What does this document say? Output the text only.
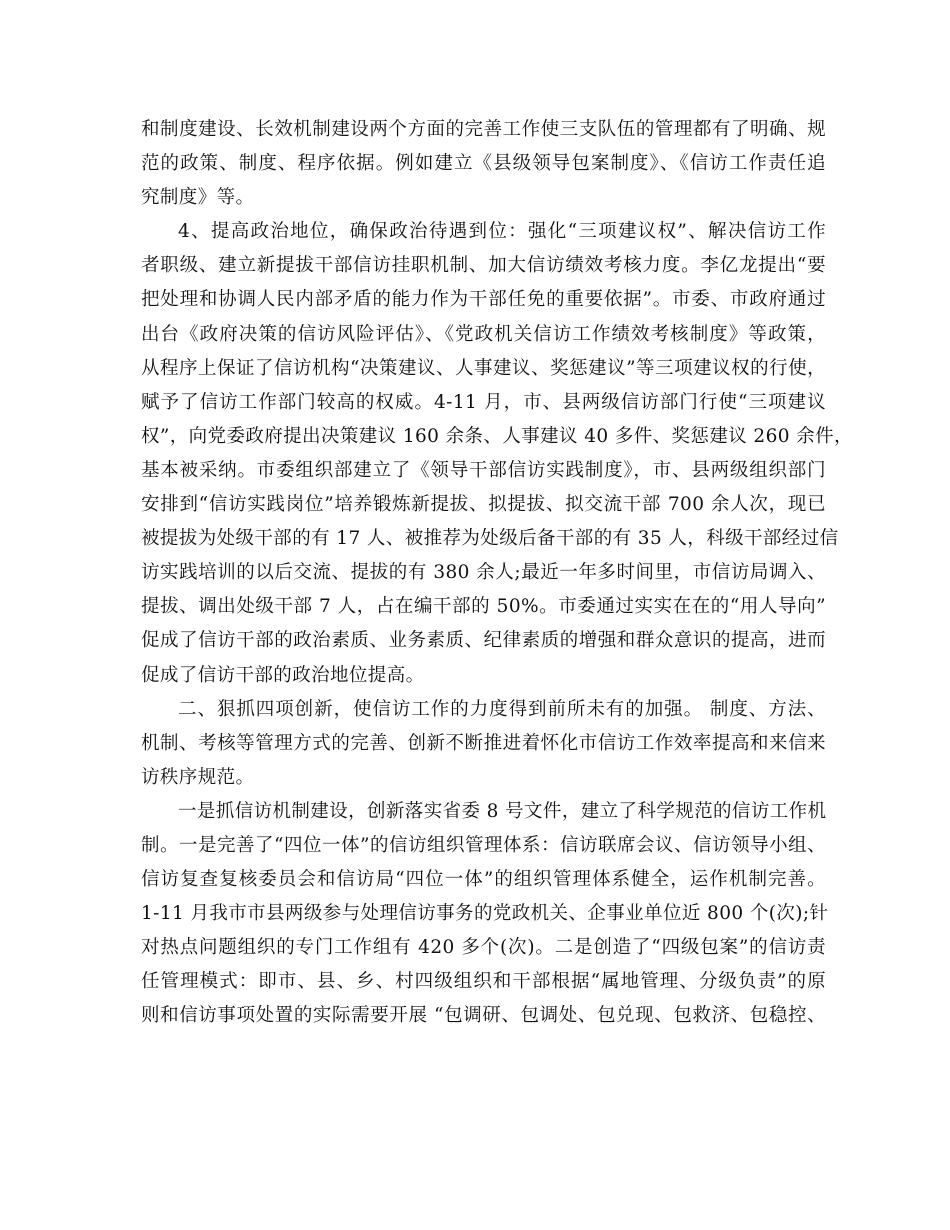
和制度建设、长效机制建设两个方面的完善工作使三支队伍的管理都有了明确、规
范的政策、制度、程序依据。例如建立《县级领导包案制度》、《信访工作责任追
究制度》等。
4、提高政治地位，确保政治待遇到位：强化“三项建议权”、解决信访工作
者职级、建立新提拔干部信访挂职机制、加大信访绩效考核力度。李亿龙提出“要
把处理和协调人民内部矛盾的能力作为干部任免的重要依据”。市委、市政府通过
出台《政府决策的信访风险评估》、《党政机关信访工作绩效考核制度》等政策，
从程序上保证了信访机构“决策建议、人事建议、奖惩建议”等三项建议权的行使，
赋予了信访工作部门较高的权威。4-11 月，市、县两级信访部门行使“三项建议
权”，向党委政府提出决策建议 160 余条、人事建议 40 多件、奖惩建议 260 余件，
基本被采纳。市委组织部建立了《领导干部信访实践制度》，市、县两级组织部门
安排到“信访实践岗位”培养锻炼新提拔、拟提拔、拟交流干部 700 余人次，现已
被提拔为处级干部的有 17 人、被推荐为处级后备干部的有 35 人，科级干部经过信
访实践培训的以后交流、提拔的有 380 余人;最近一年多时间里，市信访局调入、
提拔、调出处级干部 7 人，占在编干部的 50%。市委通过实实在在的“用人导向”
促成了信访干部的政治素质、业务素质、纪律素质的增强和群众意识的提高，进而
促成了信访干部的政治地位提高。
二、狠抓四项创新，使信访工作的力度得到前所未有的加强。 制度、方法、
机制、考核等管理方式的完善、创新不断推进着怀化市信访工作效率提高和来信来
访秩序规范。
一是抓信访机制建设，创新落实省委 8 号文件，建立了科学规范的信访工作机
制。一是完善了“四位一体”的信访组织管理体系：信访联席会议、信访领导小组、
信访复查复核委员会和信访局“四位一体”的组织管理体系健全，运作机制完善。
1-11 月我市市县两级参与处理信访事务的党政机关、企事业单位近 800 个(次);针
对热点问题组织的专门工作组有 420 多个(次)。二是创造了“四级包案”的信访责
任管理模式：即市、县、乡、村四级组织和干部根据“属地管理、分级负责”的原
则和信访事项处置的实际需要开展 “包调研、包调处、包兑现、包救济、包稳控、
